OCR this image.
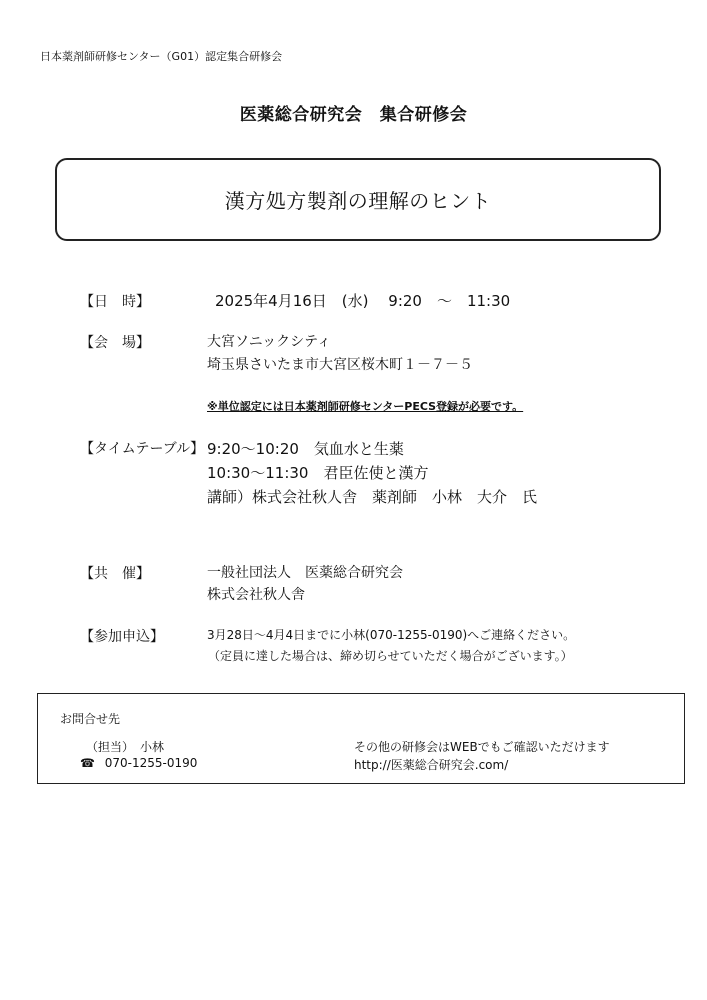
日本薬剤師研修センター（G01）認定集合研修会
医薬総合研究会　集合研修会
漢方処方製剤の理解のヒント
【日　時】	2025年4月16日　(水)　 9:20　～　11:30
【会　場】	大宮ソニックシティ
埼玉県さいたま市大宮区桜木町１－７－５
※単位認定には日本薬剤師研修センターPECS登録が必要です。
【タイムテーブル】 9:20～10:20　気血水と生薬
10:30～11:30　君臣佐使と漢方
講師）株式会社秋人舎　薬剤師　小林　大介　氏
【共　催】	一般社団法人　医薬総合研究会
株式会社秋人舎
【参加申込】	3月28日～4月4日までに小林(070-1255-0190)へご連絡ください。
（定員に達した場合は、締め切らせていただく場合がございます。）
お問合せ先
（担当）　小林
☎ 070-1255-0190
その他の研修会はWEBでもご確認いただけます
http://医薬総合研究会.com/
